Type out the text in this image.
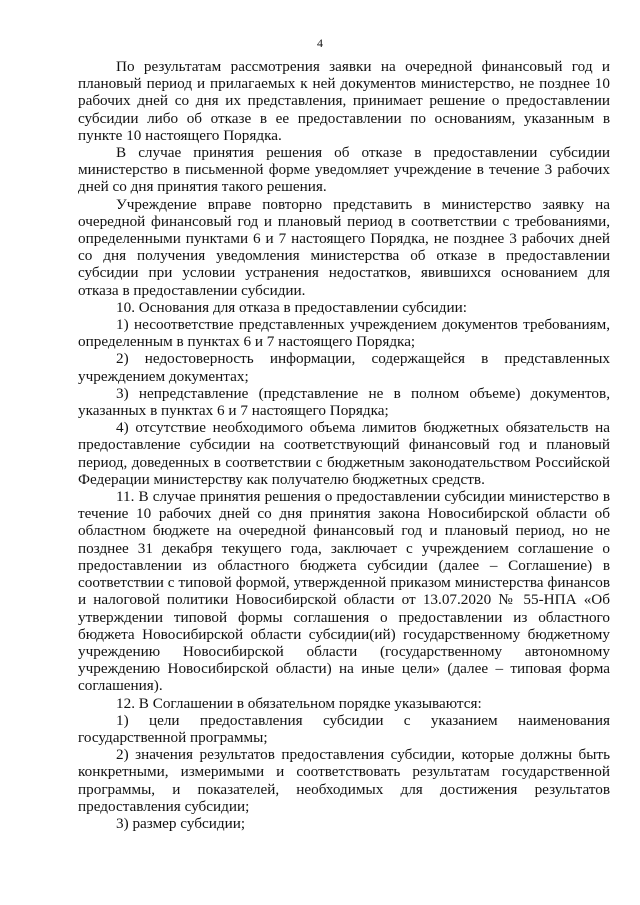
4

По результатам рассмотрения заявки на очередной финансовый год и плановый период и прилагаемых к ней документов министерство, не позднее 10 рабочих дней со дня их представления, принимает решение о предоставлении субсидии либо об отказе в ее предоставлении по основаниям, указанным в пункте 10 настоящего Порядка.

В случае принятия решения об отказе в предоставлении субсидии министерство в письменной форме уведомляет учреждение в течение 3 рабочих дней со дня принятия такого решения.

Учреждение вправе повторно представить в министерство заявку на очередной финансовый год и плановый период в соответствии с требованиями, определенными пунктами 6 и 7 настоящего Порядка, не позднее 3 рабочих дней со дня получения уведомления министерства об отказе в предоставлении субсидии при условии устранения недостатков, явившихся основанием для отказа в предоставлении субсидии.

10. Основания для отказа в предоставлении субсидии:

1) несоответствие представленных учреждением документов требованиям, определенным в пунктах 6 и 7 настоящего Порядка;

2) недостоверность информации, содержащейся в представленных учреждением документах;

3) непредставление (представление не в полном объеме) документов, указанных в пунктах 6 и 7 настоящего Порядка;

4) отсутствие необходимого объема лимитов бюджетных обязательств на предоставление субсидии на соответствующий финансовый год и плановый период, доведенных в соответствии с бюджетным законодательством Российской Федерации министерству как получателю бюджетных средств.

11. В случае принятия решения о предоставлении субсидии министерство в течение 10 рабочих дней со дня принятия закона Новосибирской области об областном бюджете на очередной финансовый год и плановый период, но не позднее 31 декабря текущего года, заключает с учреждением соглашение о предоставлении из областного бюджета субсидии (далее – Соглашение) в соответствии с типовой формой, утвержденной приказом министерства финансов и налоговой политики Новосибирской области от 13.07.2020 № 55-НПА «Об утверждении типовой формы соглашения о предоставлении из областного бюджета Новосибирской области субсидии(ий) государственному бюджетному учреждению Новосибирской области (государственному автономному учреждению Новосибирской области) на иные цели» (далее – типовая форма соглашения).

12. В Соглашении в обязательном порядке указываются:

1) цели предоставления субсидии с указанием наименования государственной программы;

2) значения результатов предоставления субсидии, которые должны быть конкретными, измеримыми и соответствовать результатам государственной программы, и показателей, необходимых для достижения результатов предоставления субсидии;

3) размер субсидии;
